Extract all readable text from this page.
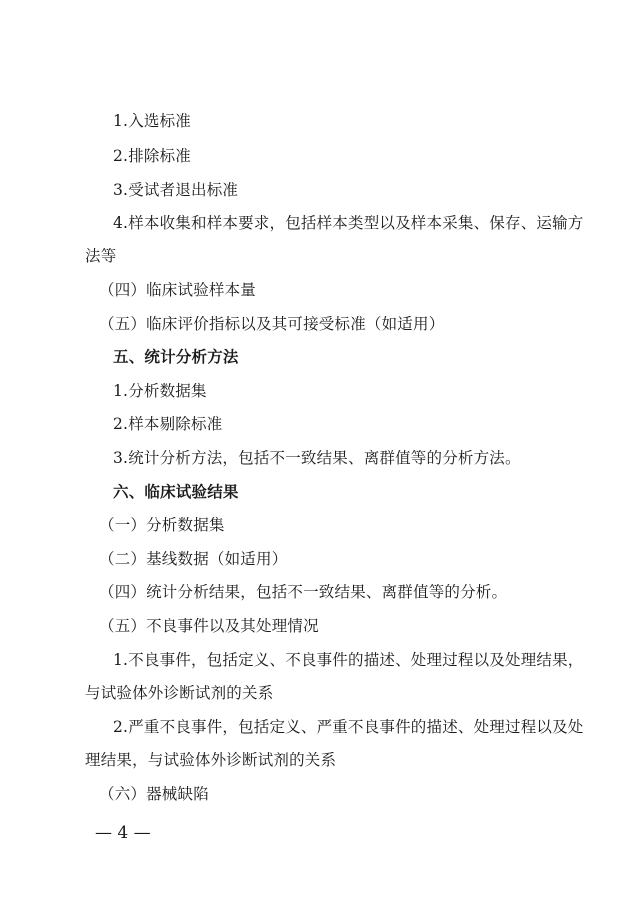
1.入选标准
2.排除标准
3.受试者退出标准
4.样本收集和样本要求，包括样本类型以及样本采集、保存、运输方
法等
（四）临床试验样本量
（五）临床评价指标以及其可接受标准（如适用）
五、统计分析方法
1.分析数据集
2.样本剔除标准
3.统计分析方法，包括不一致结果、离群值等的分析方法。
六、临床试验结果
（一）分析数据集
（二）基线数据（如适用）
（四）统计分析结果，包括不一致结果、离群值等的分析。
（五）不良事件以及其处理情况
1.不良事件，包括定义、不良事件的描述、处理过程以及处理结果，
与试验体外诊断试剂的关系
2.严重不良事件，包括定义、严重不良事件的描述、处理过程以及处
理结果，与试验体外诊断试剂的关系
（六）器械缺陷
— 4 —
